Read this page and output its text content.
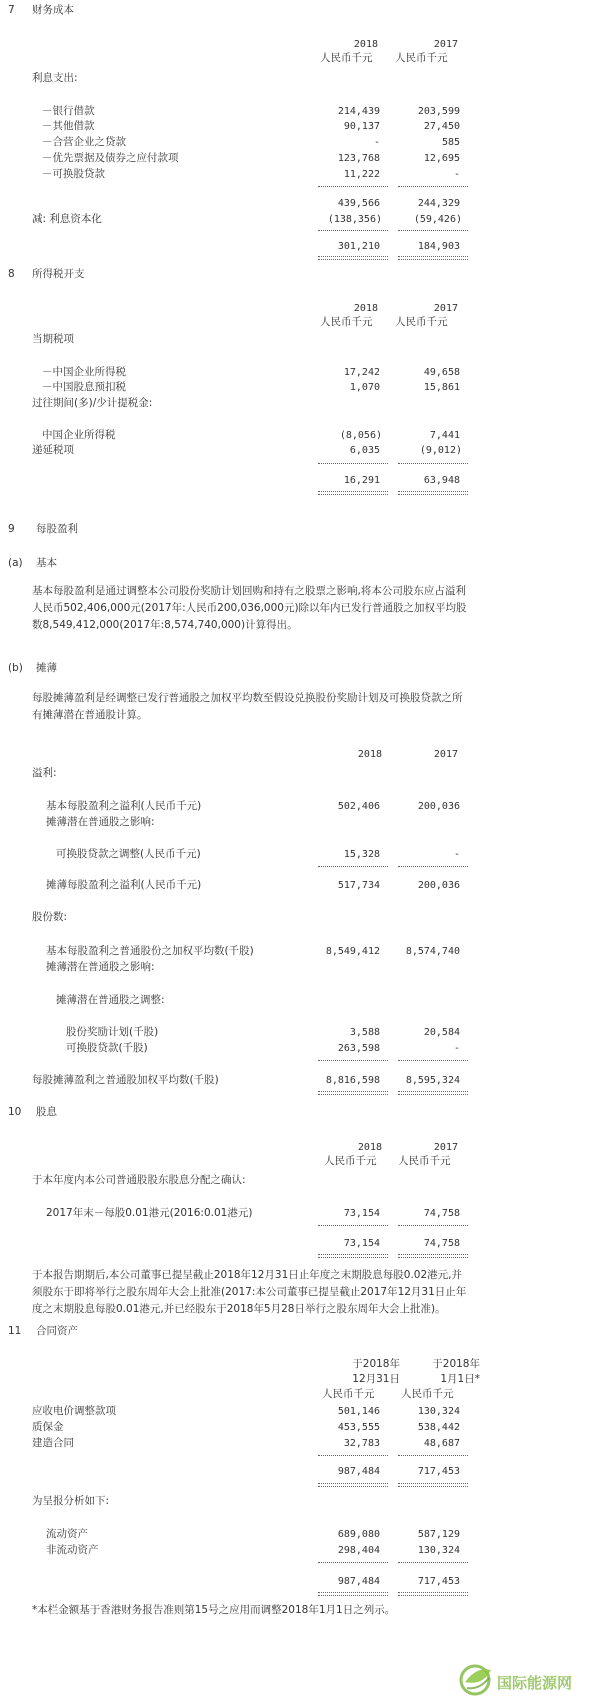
7 财务成本
2018	2017
人民币千元 人民币千元
利息支出:
－银行借款	214,439	203,599
－其他借款	90,137	27,450
－合营企业之贷款	-	585
－优先票据及债券之应付款项	123,768	12,695
－可换股贷款	11,222	-
439,566	244,329
减: 利息资本化	(138,356)	(59,426)
301,210	184,903
8 所得税开支
2018	2017
人民币千元 人民币千元
当期税项
－中国企业所得税	17,242	49,658
－中国股息预扣税	1,070	15,861
过往期间(多)/少计提税金:
中国企业所得税	(8,056)	7,441
递延税项	6,035	(9,012)
16,291	63,948
9 每股盈利
(a) 基本
基本每股盈利是通过调整本公司股份奖励计划回购和持有之股票之影响,将本公司股东应占溢利人民币502,406,000元(2017年:人民币200,036,000元)除以年内已发行普通股之加权平均股数8,549,412,000(2017年:8,574,740,000)计算得出。
(b) 摊薄
每股摊薄盈利是经调整已发行普通股之加权平均数至假设兑换股份奖励计划及可换股贷款之所有摊薄潜在普通股计算。
2018	2017
溢利:
基本每股盈利之溢利(人民币千元)	502,406	200,036
摊薄潜在普通股之影响:
可换股贷款之调整(人民币千元)	15,328	-
摊薄每股盈利之溢利(人民币千元)	517,734	200,036
股份数:
基本每股盈利之普通股份之加权平均数(千股)	8,549,412	8,574,740
摊薄潜在普通股之影响:
摊薄潜在普通股之调整:
股份奖励计划(千股)	3,588	20,584
可换股贷款(千股)	263,598	-
每股摊薄盈利之普通股加权平均数(千股)	8,816,598	8,595,324
10 股息
2018	2017
人民币千元 人民币千元
于本年度内本公司普通股股东股息分配之确认:
2017年末－每股0.01港元(2016:0.01港元)	73,154	74,758
73,154	74,758
于本报告期期后,本公司董事已提呈截止2018年12月31日止年度之末期股息每股0.02港元,并须股东于即将举行之股东周年大会上批准(2017:本公司董事已提呈截止2017年12月31日止年度之末期股息每股0.01港元,并已经股东于2018年5月28日举行之股东周年大会上批准)。
11 合同资产
于2018年	于2018年
12月31日	1月1日*
人民币千元	人民币千元
应收电价调整款项	501,146	130,324
质保金	453,555	538,442
建造合同	32,783	48,687
987,484	717,453
为呈报分析如下:
流动资产	689,080	587,129
非流动资产	298,404	130,324
987,484	717,453
*本栏金额基于香港财务报告准则第15号之应用而调整2018年1月1日之列示。
国际能源网
